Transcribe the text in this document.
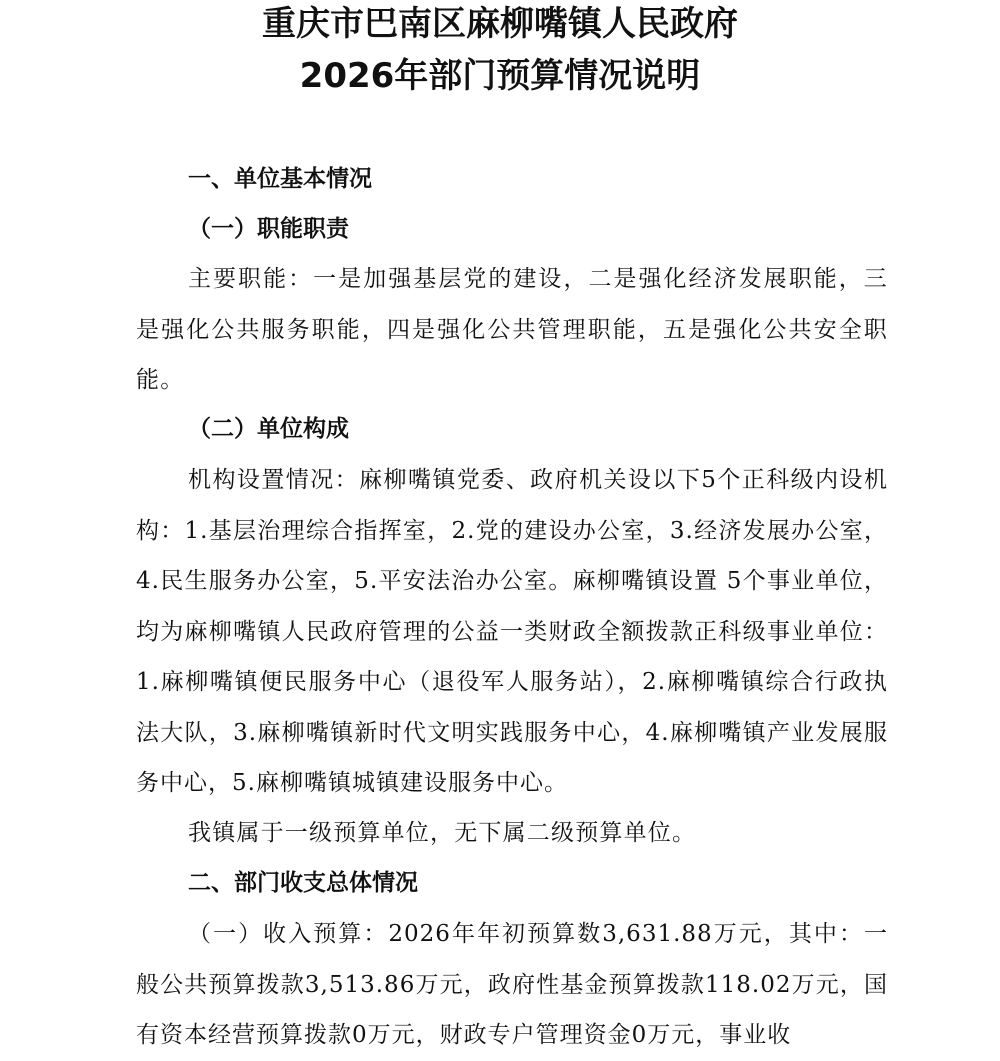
重庆市巴南区麻柳嘴镇人民政府
2026年部门预算情况说明
一、单位基本情况
（一）职能职责

主要职能：一是加强基层党的建设，二是强化经济发展职能，三是强化公共服务职能，四是强化公共管理职能，五是强化公共安全职能。

（二）单位构成

机构设置情况：麻柳嘴镇党委、政府机关设以下5个正科级内设机构：1.基层治理综合指挥室，2.党的建设办公室，3.经济发展办公室，4.民生服务办公室，5.平安法治办公室。麻柳嘴镇设置 5个事业单位，均为麻柳嘴镇人民政府管理的公益一类财政全额拨款正科级事业单位：1.麻柳嘴镇便民服务中心（退役军人服务站），2.麻柳嘴镇综合行政执法大队，3.麻柳嘴镇新时代文明实践服务中心，4.麻柳嘴镇产业发展服务中心，5.麻柳嘴镇城镇建设服务中心。

我镇属于一级预算单位，无下属二级预算单位。

二、部门收支总体情况

（一）收入预算：2026年年初预算数3,631.88万元，其中：一般公共预算拨款3,513.86万元，政府性基金预算拨款118.02万元，国有资本经营预算拨款0万元，财政专户管理资金0万元，事业收
